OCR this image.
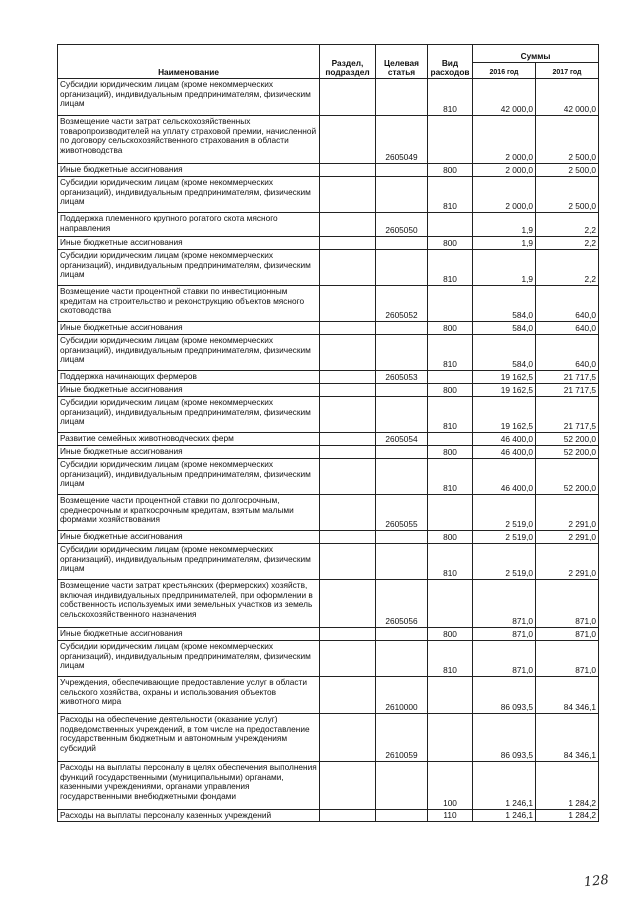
Наименование	Раздел, подраздел	Целевая статья	Вид расходов	Суммы	
				2016 год	2017 год
Субсидии юридическим лицам (кроме некоммерческих организаций), индивидуальным предпринимателям, физическим лицам			810	42 000,0	42 000,0
Возмещение части затрат сельскохозяйственных товаропроизводителей на уплату страховой премии, начисленной по договору сельскохозяйственного страхования в области животноводства		2605049		2 000,0	2 500,0
Иные бюджетные ассигнования			800	2 000,0	2 500,0
Субсидии юридическим лицам (кроме некоммерческих организаций), индивидуальным предпринимателям, физическим лицам			810	2 000,0	2 500,0
Поддержка племенного крупного рогатого скота мясного направления		2605050		1,9	2,2
Иные бюджетные ассигнования			800	1,9	2,2
Субсидии юридическим лицам (кроме некоммерческих организаций), индивидуальным предпринимателям, физическим лицам			810	1,9	2,2
Возмещение части процентной ставки по инвестиционным кредитам на строительство и реконструкцию объектов мясного скотоводства		2605052		584,0	640,0
Иные бюджетные ассигнования			800	584,0	640,0
Субсидии юридическим лицам (кроме некоммерческих организаций), индивидуальным предпринимателям, физическим лицам			810	584,0	640,0
Поддержка начинающих фермеров		2605053		19 162,5	21 717,5
Иные бюджетные ассигнования			800	19 162,5	21 717,5
Субсидии юридическим лицам (кроме некоммерческих организаций), индивидуальным предпринимателям, физическим лицам			810	19 162,5	21 717,5
Развитие семейных животноводческих ферм		2605054		46 400,0	52 200,0
Иные бюджетные ассигнования			800	46 400,0	52 200,0
Субсидии юридическим лицам (кроме некоммерческих организаций), индивидуальным предпринимателям, физическим лицам			810	46 400,0	52 200,0
Возмещение части процентной ставки по долгосрочным, среднесрочным и краткосрочным кредитам, взятым малыми формами хозяйствования		2605055		2 519,0	2 291,0
Иные бюджетные ассигнования			800	2 519,0	2 291,0
Субсидии юридическим лицам (кроме некоммерческих организаций), индивидуальным предпринимателям, физическим лицам			810	2 519,0	2 291,0
Возмещение части затрат крестьянских (фермерских) хозяйств, включая индивидуальных предпринимателей, при оформлении в собственность используемых ими земельных участков из земель сельскохозяйственного назначения		2605056		871,0	871,0
Иные бюджетные ассигнования			800	871,0	871,0
Субсидии юридическим лицам (кроме некоммерческих организаций), индивидуальным предпринимателям, физическим лицам			810	871,0	871,0
Учреждения, обеспечивающие предоставление услуг в области сельского хозяйства, охраны и использования объектов животного мира		2610000		86 093,5	84 346,1
Расходы на обеспечение деятельности (оказание услуг) подведомственных учреждений, в том числе на предоставление государственным бюджетным и автономным учреждениям субсидий		2610059		86 093,5	84 346,1
Расходы на выплаты персоналу в целях обеспечения выполнения функций государственными (муниципальными) органами, казенными учреждениями, органами управления государственными внебюджетными фондами			100	1 246,1	1 284,2
Расходы на выплаты персоналу казенных учреждений			110	1 246,1	1 284,2
128
